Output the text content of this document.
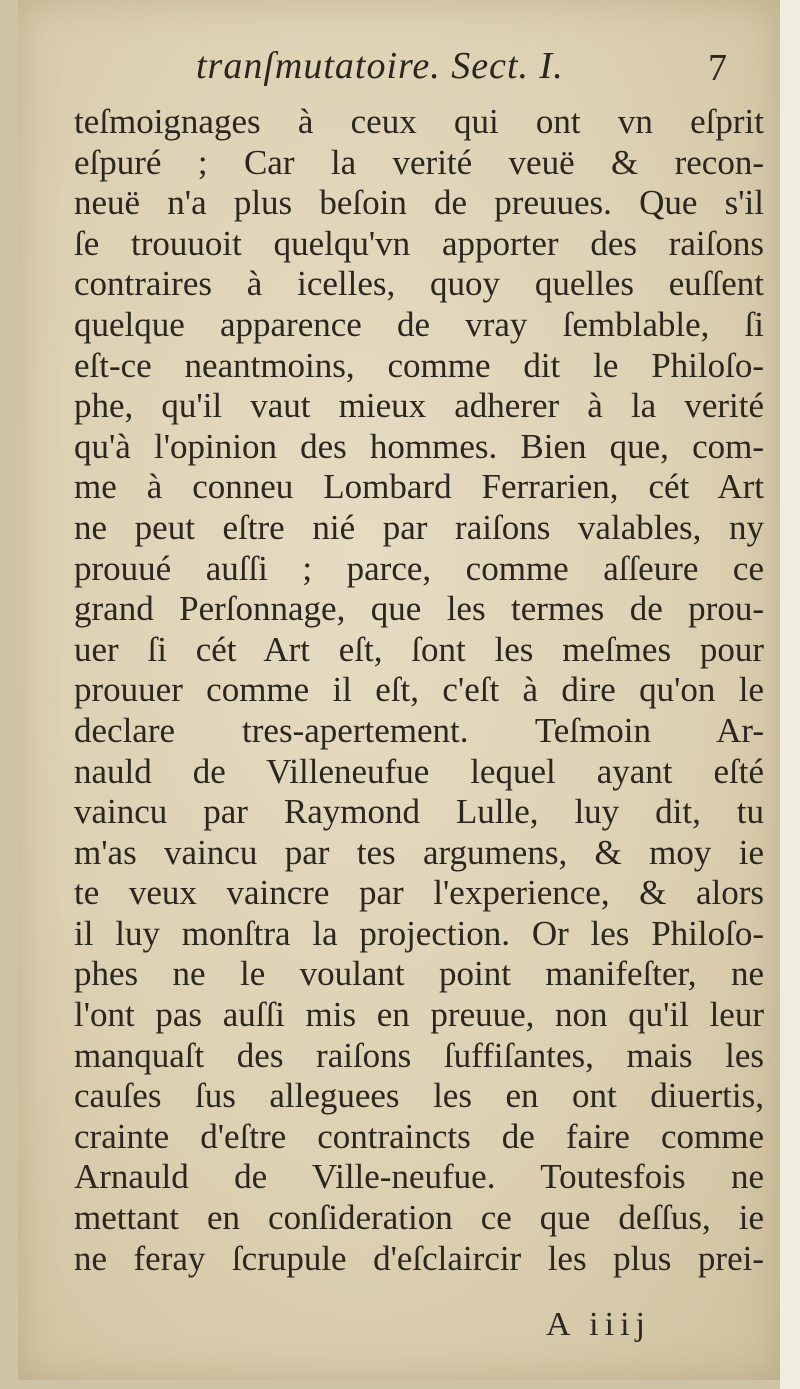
tranſmutatoire. Sect. I.	7
teſmoignages à ceux qui ont vn eſprit
eſpuré ; Car la verité veuë & recon-
neuë n'a plus beſoin de preuues. Que s'il
ſe trouuoit quelqu'vn apporter des raiſons
contraires à icelles, quoy quelles euſſent
quelque apparence de vray ſemblable, ſi
eſt-ce neantmoins, comme dit le Philoſo-
phe, qu'il vaut mieux adherer à la verité
qu'à l'opinion des hommes. Bien que, com-
me à conneu Lombard Ferrarien, cét Art
ne peut eſtre nié par raiſons valables, ny
prouué auſſi ; parce, comme aſſeure ce
grand Perſonnage, que les termes de prou-
uer ſi cét Art eſt, ſont les meſmes pour
prouuer comme il eſt, c'eſt à dire qu'on le
declare tres-apertement. Teſmoin Ar-
nauld de Villeneufue lequel ayant eſté
vaincu par Raymond Lulle, luy dit, tu
m'as vaincu par tes argumens, & moy ie
te veux vaincre par l'experience, & alors
il luy monſtra la projection. Or les Philoſo-
phes ne le voulant point manifeſter, ne
l'ont pas auſſi mis en preuue, non qu'il leur
manquaſt des raiſons ſuffiſantes, mais les
cauſes ſus alleguees les en ont diuertis,
crainte d'eſtre contraincts de faire comme
Arnauld de Ville-neufue. Toutesfois ne
mettant en conſideration ce que deſſus, ie
ne feray ſcrupule d'eſclaircir les plus prei-
A iiij
